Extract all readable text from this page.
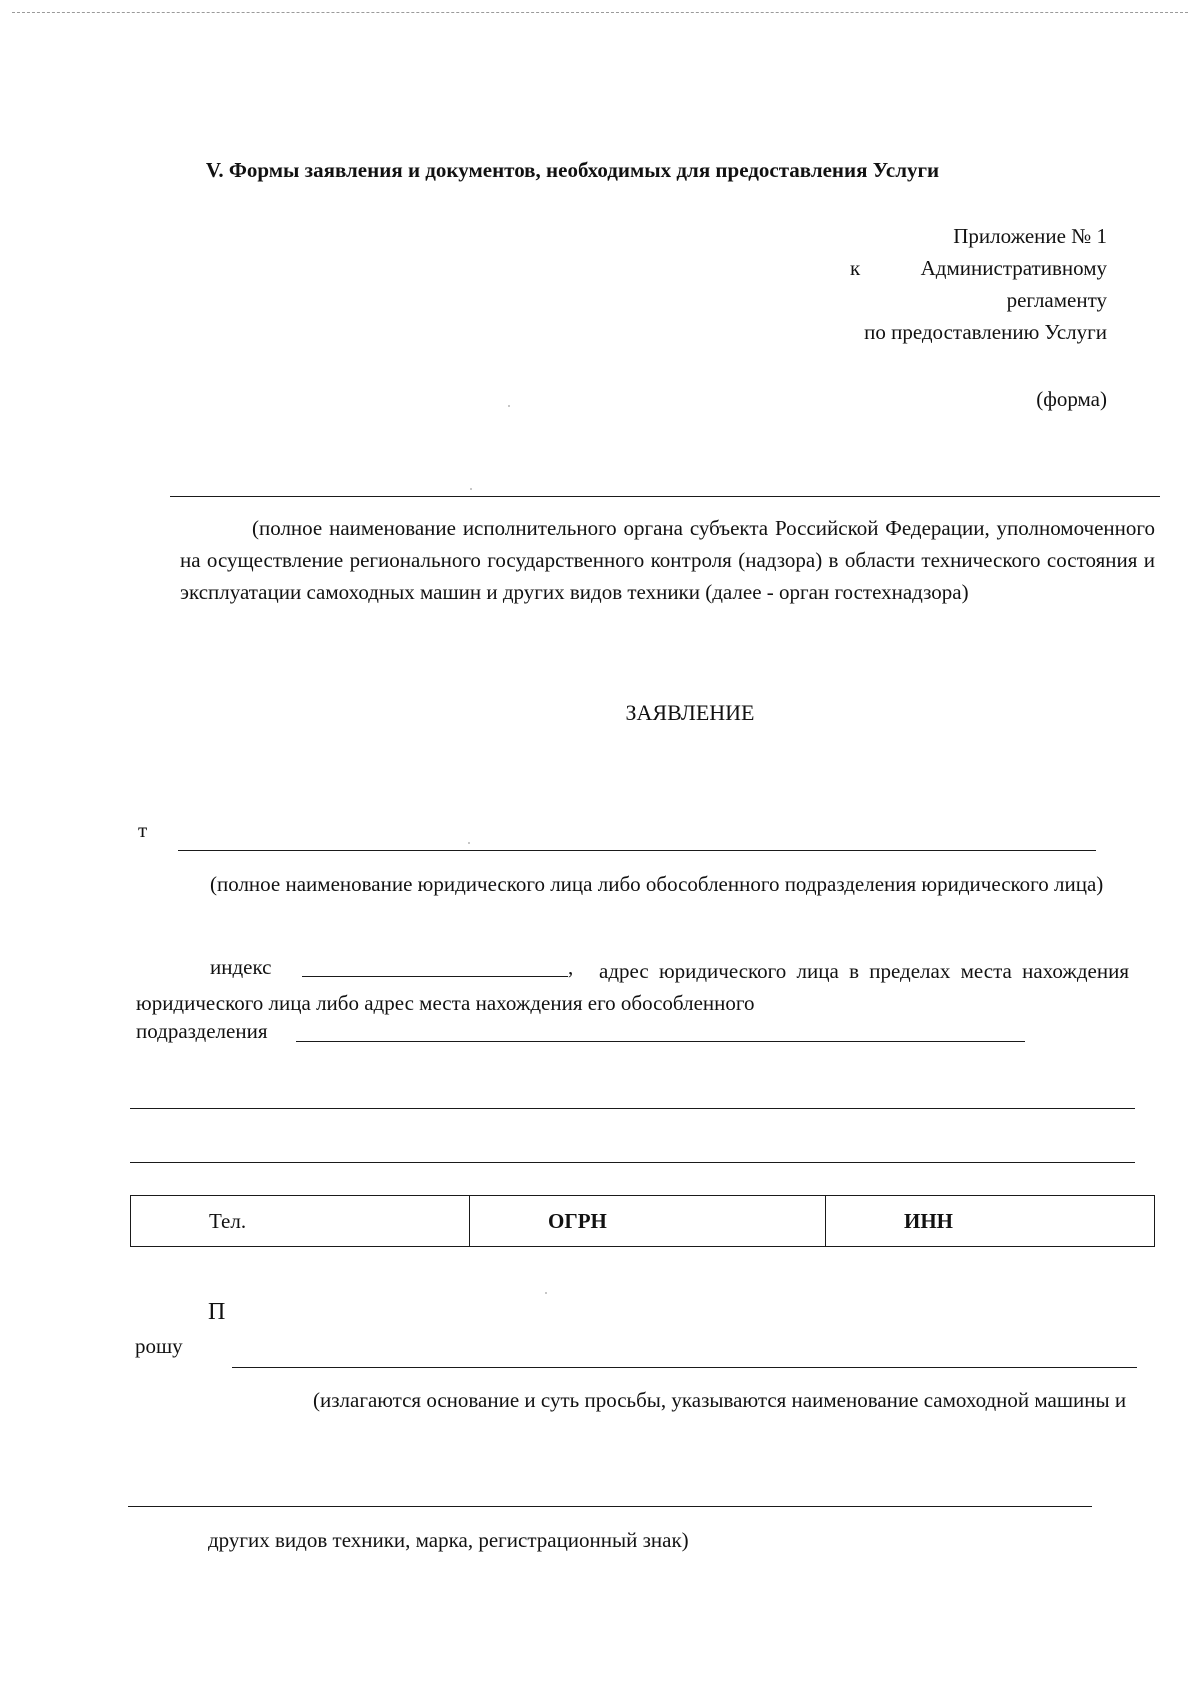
V. Формы заявления и документов, необходимых для предоставления Услуги
Приложение № 1
к	Административному
регламенту
по предоставлению Услуги
(форма)
(полное наименование исполнительного органа субъекта Российской Федерации, уполномоченного на осуществление регионального государственного контроля (надзора) в области технического состояния и эксплуатации самоходных машин и других видов техники (далее - орган гостехнадзора)
ЗАЯВЛЕНИЕ
т
(полное наименование юридического лица либо обособленного подразделения юридического лица)
индекс	,	адрес юридического лица в пределах места нахождения юридического лица либо адрес места нахождения его обособленного
подразделения
Тел.	ОГРН	ИНН
П
рошу
(излагаются основание и суть просьбы, указываются наименование самоходной машины и
других видов техники, марка, регистрационный знак)
